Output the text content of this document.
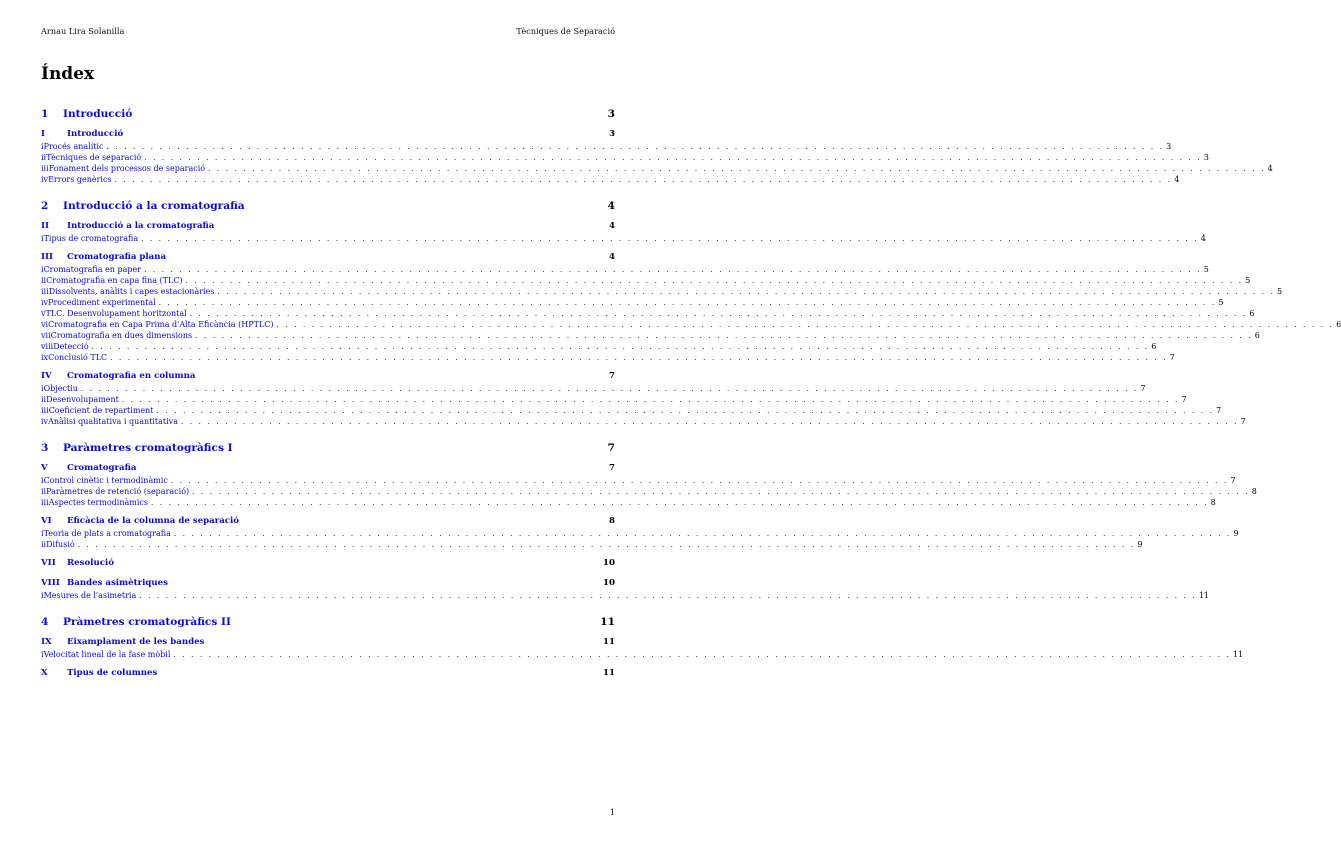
Arnau Lira Solanilla	Tècniques de Separació
Índex
1	Introducció	3
I	Introducció	3
i Procés analític . . . . . . . . . . . . . . . . . . . . . . . . . . . . . . . . . . . . . . . . . . . . . . . . . . . . . . . . . . . . . . . . . . . . . . . . . . . . . . . . . . . . . . . . . . . . . . . . . . . . . . . . . . . . . . . . . . . . . . . . 3
ii Tècniques de separació . . . . . . . . . . . . . . . . . . . . . . . . . . . . . . . . . . . . . . . . . . . . . . . . . . . . . . . . . . . . . . . . . . . . . . . . . . . . . . . . . . . . . . . . . . . . . . . . . . . . . . . . . . . . . . . . . . . . . . . . 3
iii Fonament dels processos de separació . . . . . . . . . . . . . . . . . . . . . . . . . . . . . . . . . . . . . . . . . . . . . . . . . . . . . . . . . . . . . . . . . . . . . . . . . . . . . . . . . . . . . . . . . . . . . . . . . . . . . . . . . . . . . . . . . . . . . . . . 4
iv Errors genèrics . . . . . . . . . . . . . . . . . . . . . . . . . . . . . . . . . . . . . . . . . . . . . . . . . . . . . . . . . . . . . . . . . . . . . . . . . . . . . . . . . . . . . . . . . . . . . . . . . . . . . . . . . . . . . . . . . . . . . . . . 4
2	Introducció a la cromatografia	4
II	Introducció a la cromatografia	4
i Tipus de cromatografia . . . . . . . . . . . . . . . . . . . . . . . . . . . . . . . . . . . . . . . . . . . . . . . . . . . . . . . . . . . . . . . . . . . . . . . . . . . . . . . . . . . . . . . . . . . . . . . . . . . . . . . . . . . . . . . . . . . . . . . . 4
III	Cromatografia plana	4
i Cromatografia en paper . . . . . . . . . . . . . . . . . . . . . . . . . . . . . . . . . . . . . . . . . . . . . . . . . . . . . . . . . . . . . . . . . . . . . . . . . . . . . . . . . . . . . . . . . . . . . . . . . . . . . . . . . . . . . . . . . . . . . . . . 5
ii Cromatografia en capa fina (TLC) . . . . . . . . . . . . . . . . . . . . . . . . . . . . . . . . . . . . . . . . . . . . . . . . . . . . . . . . . . . . . . . . . . . . . . . . . . . . . . . . . . . . . . . . . . . . . . . . . . . . . . . . . . . . . . . . . . . . . . . . 5
iii Dissolvents, anàlits i capes estacionàries . . . . . . . . . . . . . . . . . . . . . . . . . . . . . . . . . . . . . . . . . . . . . . . . . . . . . . . . . . . . . . . . . . . . . . . . . . . . . . . . . . . . . . . . . . . . . . . . . . . . . . . . . . . . . . . . . . . . . . . . 5
iv Procediment experimental . . . . . . . . . . . . . . . . . . . . . . . . . . . . . . . . . . . . . . . . . . . . . . . . . . . . . . . . . . . . . . . . . . . . . . . . . . . . . . . . . . . . . . . . . . . . . . . . . . . . . . . . . . . . . . . . . . . . . . . . 5
v TLC. Desenvolupament horitzontal . . . . . . . . . . . . . . . . . . . . . . . . . . . . . . . . . . . . . . . . . . . . . . . . . . . . . . . . . . . . . . . . . . . . . . . . . . . . . . . . . . . . . . . . . . . . . . . . . . . . . . . . . . . . . . . . . . . . . . . . 6
vi Cromatografia en Capa Prima d'Alta Eficància (HPTLC) . . . . . . . . . . . . . . . . . . . . . . . . . . . . . . . . . . . . . . . . . . . . . . . . . . . . . . . . . . . . . . . . . . . . . . . . . . . . . . . . . . . . . . . . . . . . . . . . . . . . . . . . . . . . . . . . . . . . . . . . 6
vii Cromatografia en dues dimensions . . . . . . . . . . . . . . . . . . . . . . . . . . . . . . . . . . . . . . . . . . . . . . . . . . . . . . . . . . . . . . . . . . . . . . . . . . . . . . . . . . . . . . . . . . . . . . . . . . . . . . . . . . . . . . . . . . . . . . . . 6
viii Detecció . . . . . . . . . . . . . . . . . . . . . . . . . . . . . . . . . . . . . . . . . . . . . . . . . . . . . . . . . . . . . . . . . . . . . . . . . . . . . . . . . . . . . . . . . . . . . . . . . . . . . . . . . . . . . . . . . . . . . . . . 6
ix Conclusió TLC . . . . . . . . . . . . . . . . . . . . . . . . . . . . . . . . . . . . . . . . . . . . . . . . . . . . . . . . . . . . . . . . . . . . . . . . . . . . . . . . . . . . . . . . . . . . . . . . . . . . . . . . . . . . . . . . . . . . . . . . 7
IV	Cromatografia en columna	7
i Objectiu . . . . . . . . . . . . . . . . . . . . . . . . . . . . . . . . . . . . . . . . . . . . . . . . . . . . . . . . . . . . . . . . . . . . . . . . . . . . . . . . . . . . . . . . . . . . . . . . . . . . . . . . . . . . . . . . . . . . . . . . 7
ii Desenvolupament . . . . . . . . . . . . . . . . . . . . . . . . . . . . . . . . . . . . . . . . . . . . . . . . . . . . . . . . . . . . . . . . . . . . . . . . . . . . . . . . . . . . . . . . . . . . . . . . . . . . . . . . . . . . . . . . . . . . . . . . 7
iii Coeficient de repartiment . . . . . . . . . . . . . . . . . . . . . . . . . . . . . . . . . . . . . . . . . . . . . . . . . . . . . . . . . . . . . . . . . . . . . . . . . . . . . . . . . . . . . . . . . . . . . . . . . . . . . . . . . . . . . . . . . . . . . . . . 7
iv Anàlisi qualitativa i quantitativa . . . . . . . . . . . . . . . . . . . . . . . . . . . . . . . . . . . . . . . . . . . . . . . . . . . . . . . . . . . . . . . . . . . . . . . . . . . . . . . . . . . . . . . . . . . . . . . . . . . . . . . . . . . . . . . . . . . . . . . . 7
3	Paràmetres cromatogràfics I	7
V	Cromatografia	7
i Control cinètic i termodinàmic . . . . . . . . . . . . . . . . . . . . . . . . . . . . . . . . . . . . . . . . . . . . . . . . . . . . . . . . . . . . . . . . . . . . . . . . . . . . . . . . . . . . . . . . . . . . . . . . . . . . . . . . . . . . . . . . . . . . . . . . 7
ii Paràmetres de retenció (separació) . . . . . . . . . . . . . . . . . . . . . . . . . . . . . . . . . . . . . . . . . . . . . . . . . . . . . . . . . . . . . . . . . . . . . . . . . . . . . . . . . . . . . . . . . . . . . . . . . . . . . . . . . . . . . . . . . . . . . . . . 8
iii Aspectes termodinàmics . . . . . . . . . . . . . . . . . . . . . . . . . . . . . . . . . . . . . . . . . . . . . . . . . . . . . . . . . . . . . . . . . . . . . . . . . . . . . . . . . . . . . . . . . . . . . . . . . . . . . . . . . . . . . . . . . . . . . . . . 8
VI	Eficàcia de la columna de separació	8
i Teoria de plats a cromatografia . . . . . . . . . . . . . . . . . . . . . . . . . . . . . . . . . . . . . . . . . . . . . . . . . . . . . . . . . . . . . . . . . . . . . . . . . . . . . . . . . . . . . . . . . . . . . . . . . . . . . . . . . . . . . . . . . . . . . . . . 9
ii Difusió . . . . . . . . . . . . . . . . . . . . . . . . . . . . . . . . . . . . . . . . . . . . . . . . . . . . . . . . . . . . . . . . . . . . . . . . . . . . . . . . . . . . . . . . . . . . . . . . . . . . . . . . . . . . . . . . . . . . . . . . 9
VII	Resolució	10
VIII Bandes asimètriques	10
i Mesures de l'asimetria . . . . . . . . . . . . . . . . . . . . . . . . . . . . . . . . . . . . . . . . . . . . . . . . . . . . . . . . . . . . . . . . . . . . . . . . . . . . . . . . . . . . . . . . . . . . . . . . . . . . . . . . . . . . . . . . . . . . . . . . 11
4	Pràmetres cromatogràfics II	11
IX	Eixamplament de les bandes	11
i Velocitat lineal de la fase mòbil . . . . . . . . . . . . . . . . . . . . . . . . . . . . . . . . . . . . . . . . . . . . . . . . . . . . . . . . . . . . . . . . . . . . . . . . . . . . . . . . . . . . . . . . . . . . . . . . . . . . . . . . . . . . . . . . . . . . . . . . 11
X	Tipus de columnes	11
1
